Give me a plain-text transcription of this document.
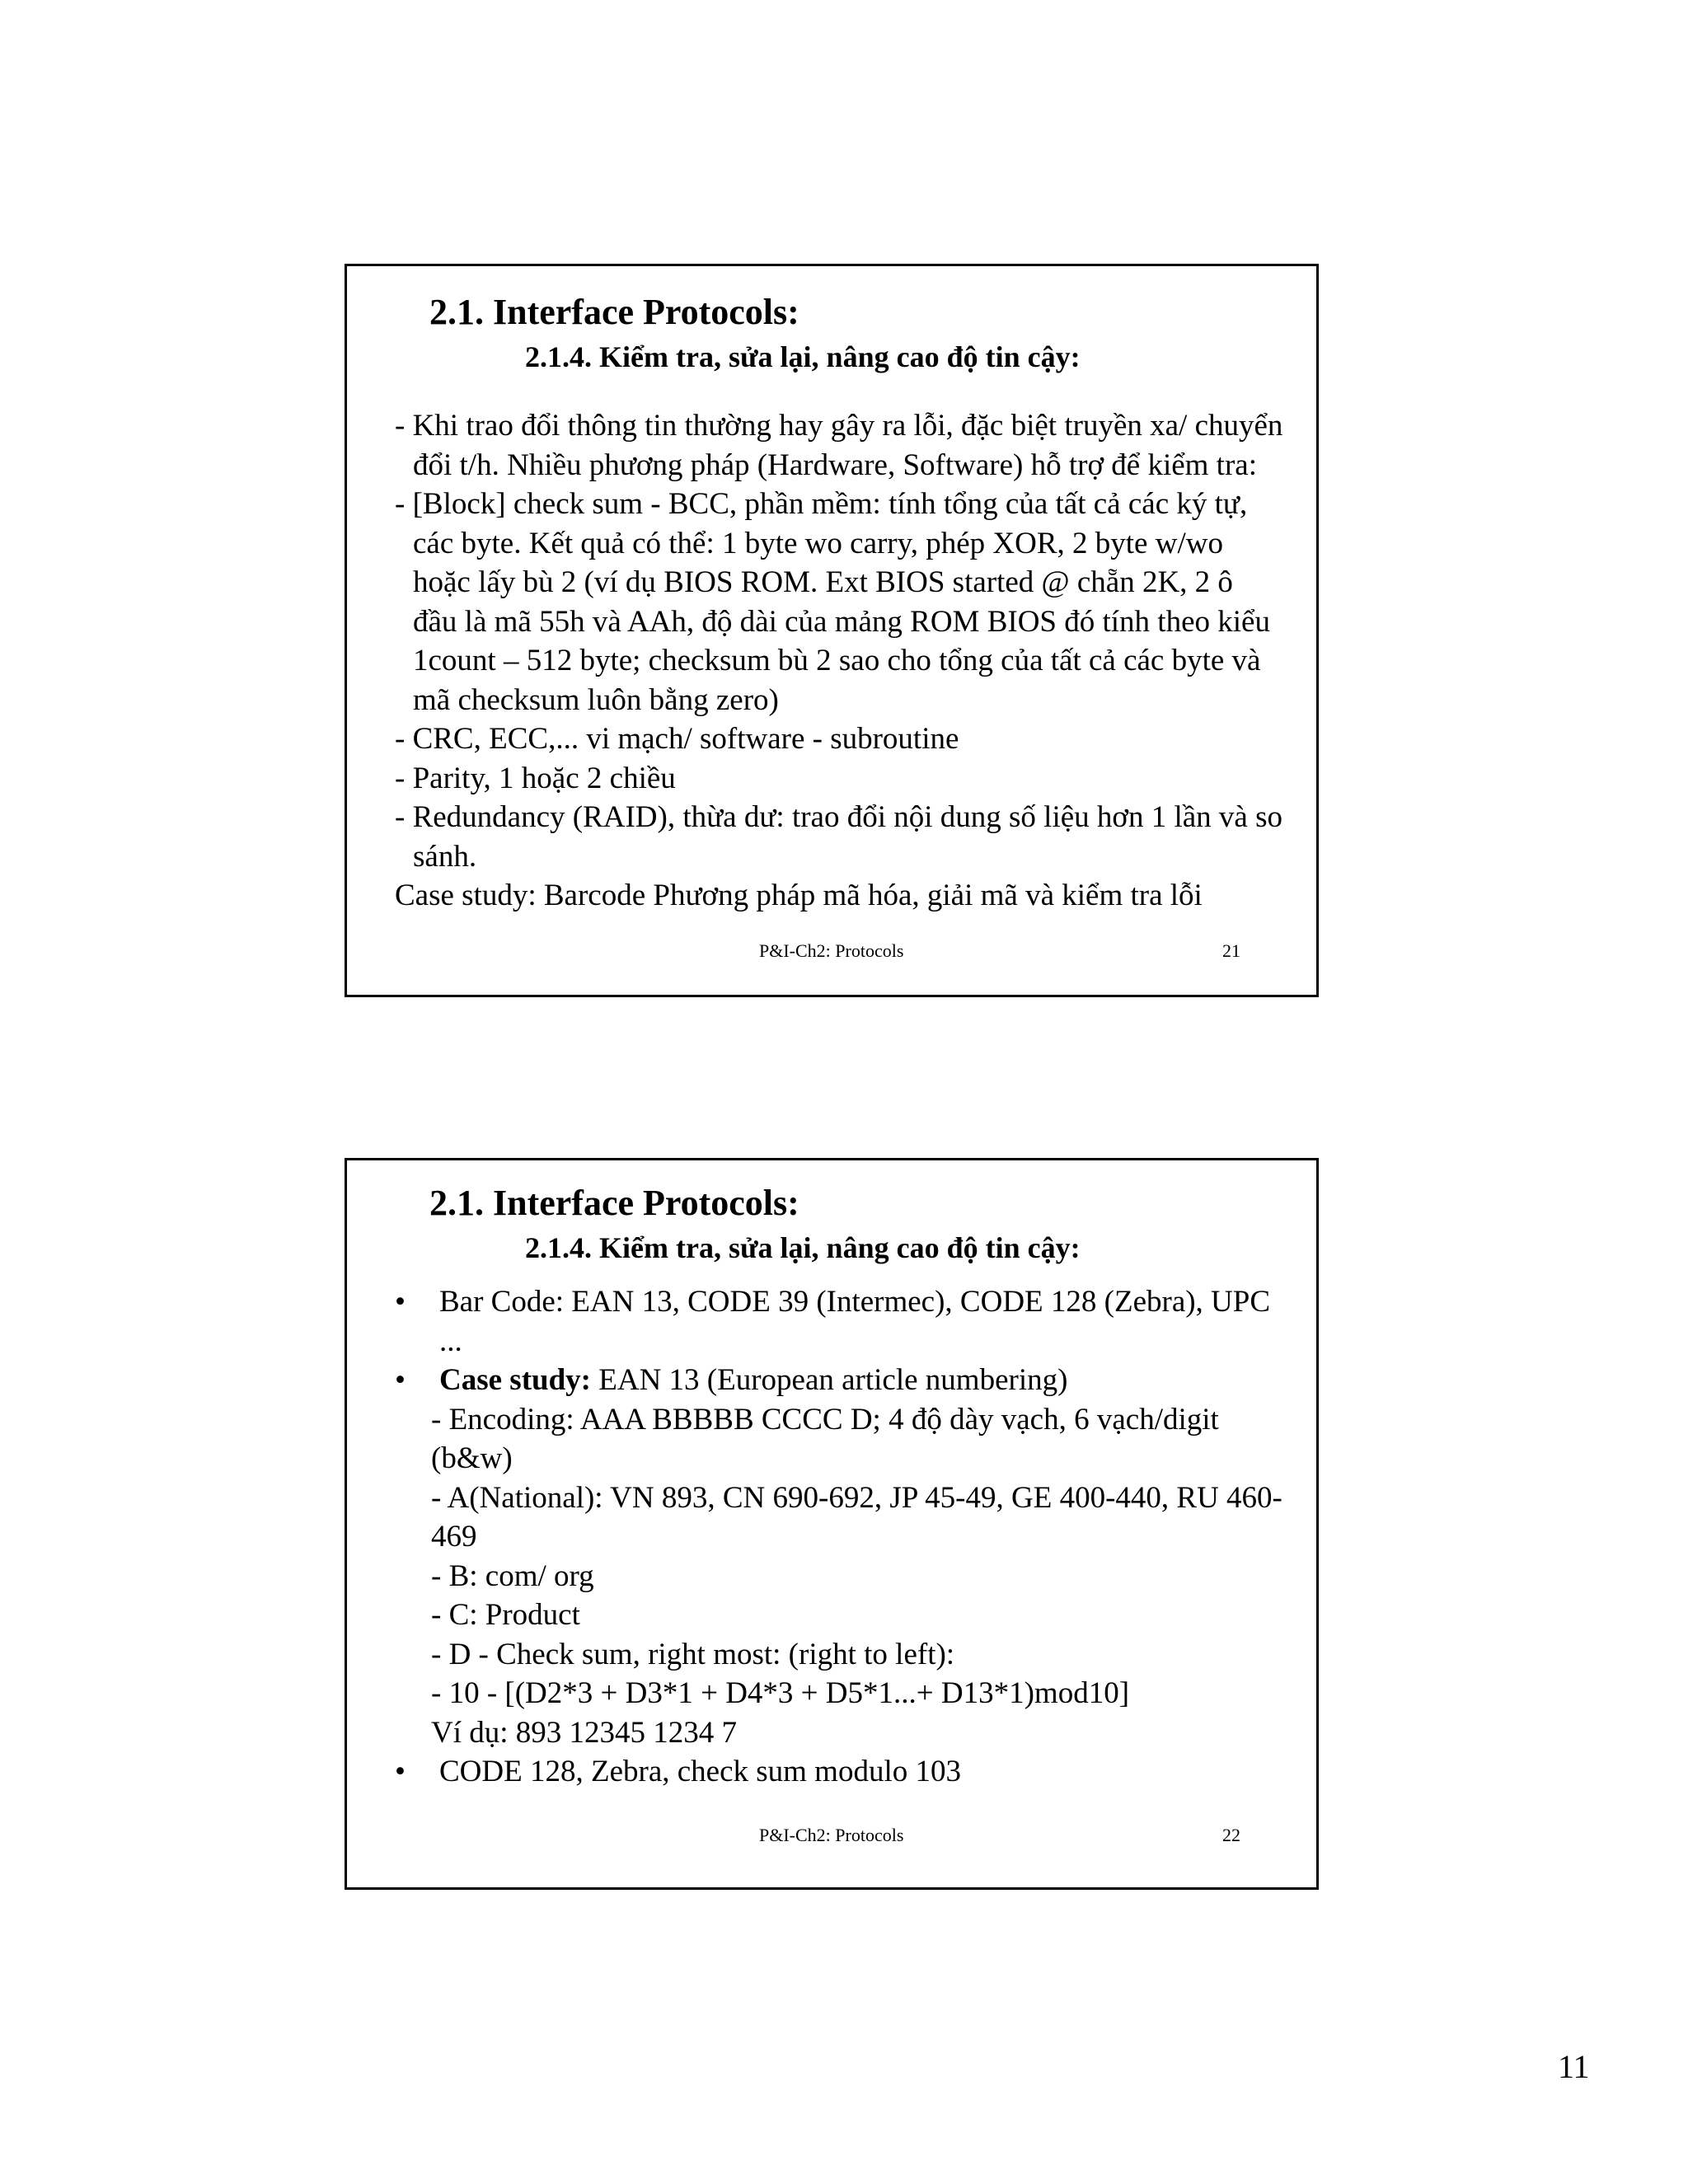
2.1. Interface Protocols:
2.1.4. Kiểm tra, sửa lại, nâng cao độ tin cậy:

- Khi trao đổi thông tin thường hay gây ra lỗi, đặc biệt truyền xa/ chuyển đổi t/h. Nhiều phương pháp (Hardware, Software) hỗ trợ để kiểm tra:

- [Block] check sum - BCC, phần mềm: tính tổng của tất cả các ký tự, các byte. Kết quả có thể: 1 byte wo carry, phép XOR, 2 byte w/wo hoặc lấy bù 2 (ví dụ BIOS ROM. Ext BIOS started @ chẵn 2K, 2 ô đầu là mã 55h và AAh, độ dài của mảng ROM BIOS đó tính theo kiểu 1count – 512 byte; checksum bù 2 sao cho tổng của tất cả các byte và mã checksum luôn bằng zero)

- CRC, ECC,... vi mạch/ software - subroutine

- Parity, 1 hoặc 2 chiều

- Redundancy (RAID), thừa dư: trao đổi nội dung số liệu hơn 1 lần và so sánh.

Case study: Barcode Phương pháp mã hóa, giải mã và kiểm tra lỗi

P&I-Ch2: Protocols	21
2.1. Interface Protocols:
2.1.4. Kiểm tra, sửa lại, nâng cao độ tin cậy:
• Bar Code: EAN 13, CODE 39 (Intermec), CODE 128 (Zebra), UPC ...
• Case study: EAN 13 (European article numbering)
- Encoding: AAA BBBBB CCCC D; 4 độ dày vạch, 6 vạch/digit (b&w)
- A(National): VN 893, CN 690-692, JP 45-49, GE 400-440, RU 460-469
- B: com/ org
- C: Product
- D - Check sum, right most: (right to left):
- 10 - [(D2*3 + D3*1 + D4*3 + D5*1...+ D13*1)mod10]
Ví dụ: 893 12345 1234 7
• CODE 128, Zebra, check sum modulo 103
P&I-Ch2: Protocols	22
11
